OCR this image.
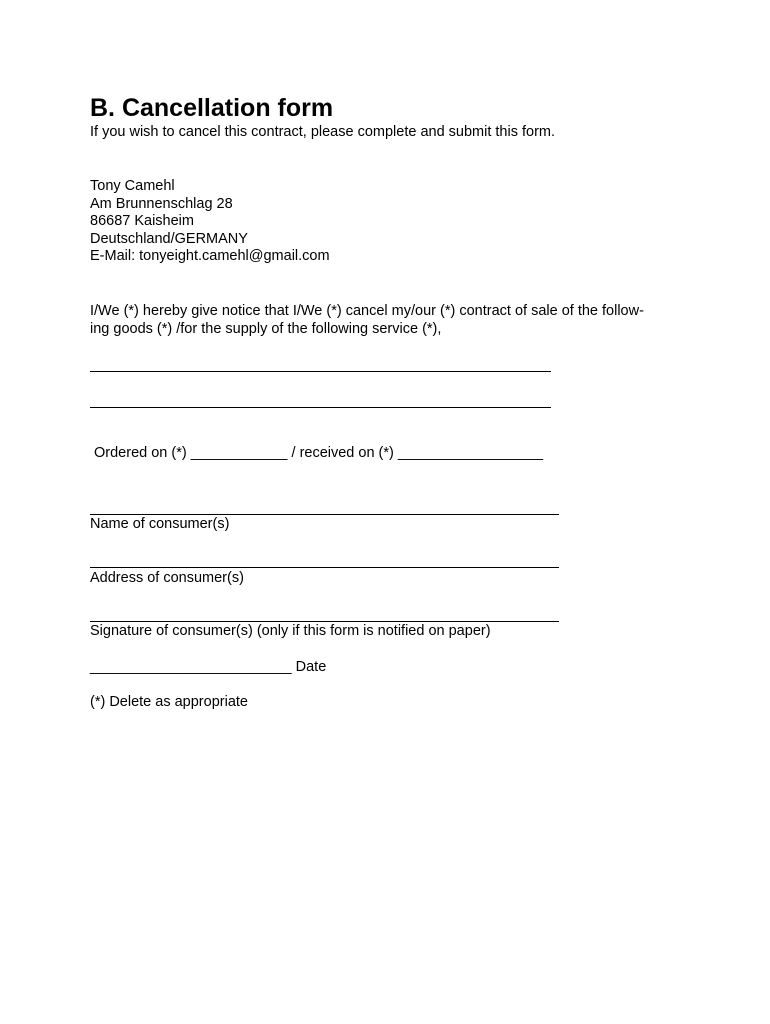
B. Cancellation form
If you wish to cancel this contract, please complete and submit this form.
Tony Camehl
Am Brunnenschlag 28
86687 Kaisheim
Deutschland/GERMANY
E-Mail: tonyeight.camehl@gmail.com
I/We (*) hereby give notice that I/We (*) cancel my/our (*) contract of sale of the follow-
ing goods (*) /for the supply of the following service (*),
Ordered on (*) ____________ / received on (*) __________________
Name of consumer(s)
Address of consumer(s)
Signature of consumer(s) (only if this form is notified on paper)
_________________________ Date
(*) Delete as appropriate
